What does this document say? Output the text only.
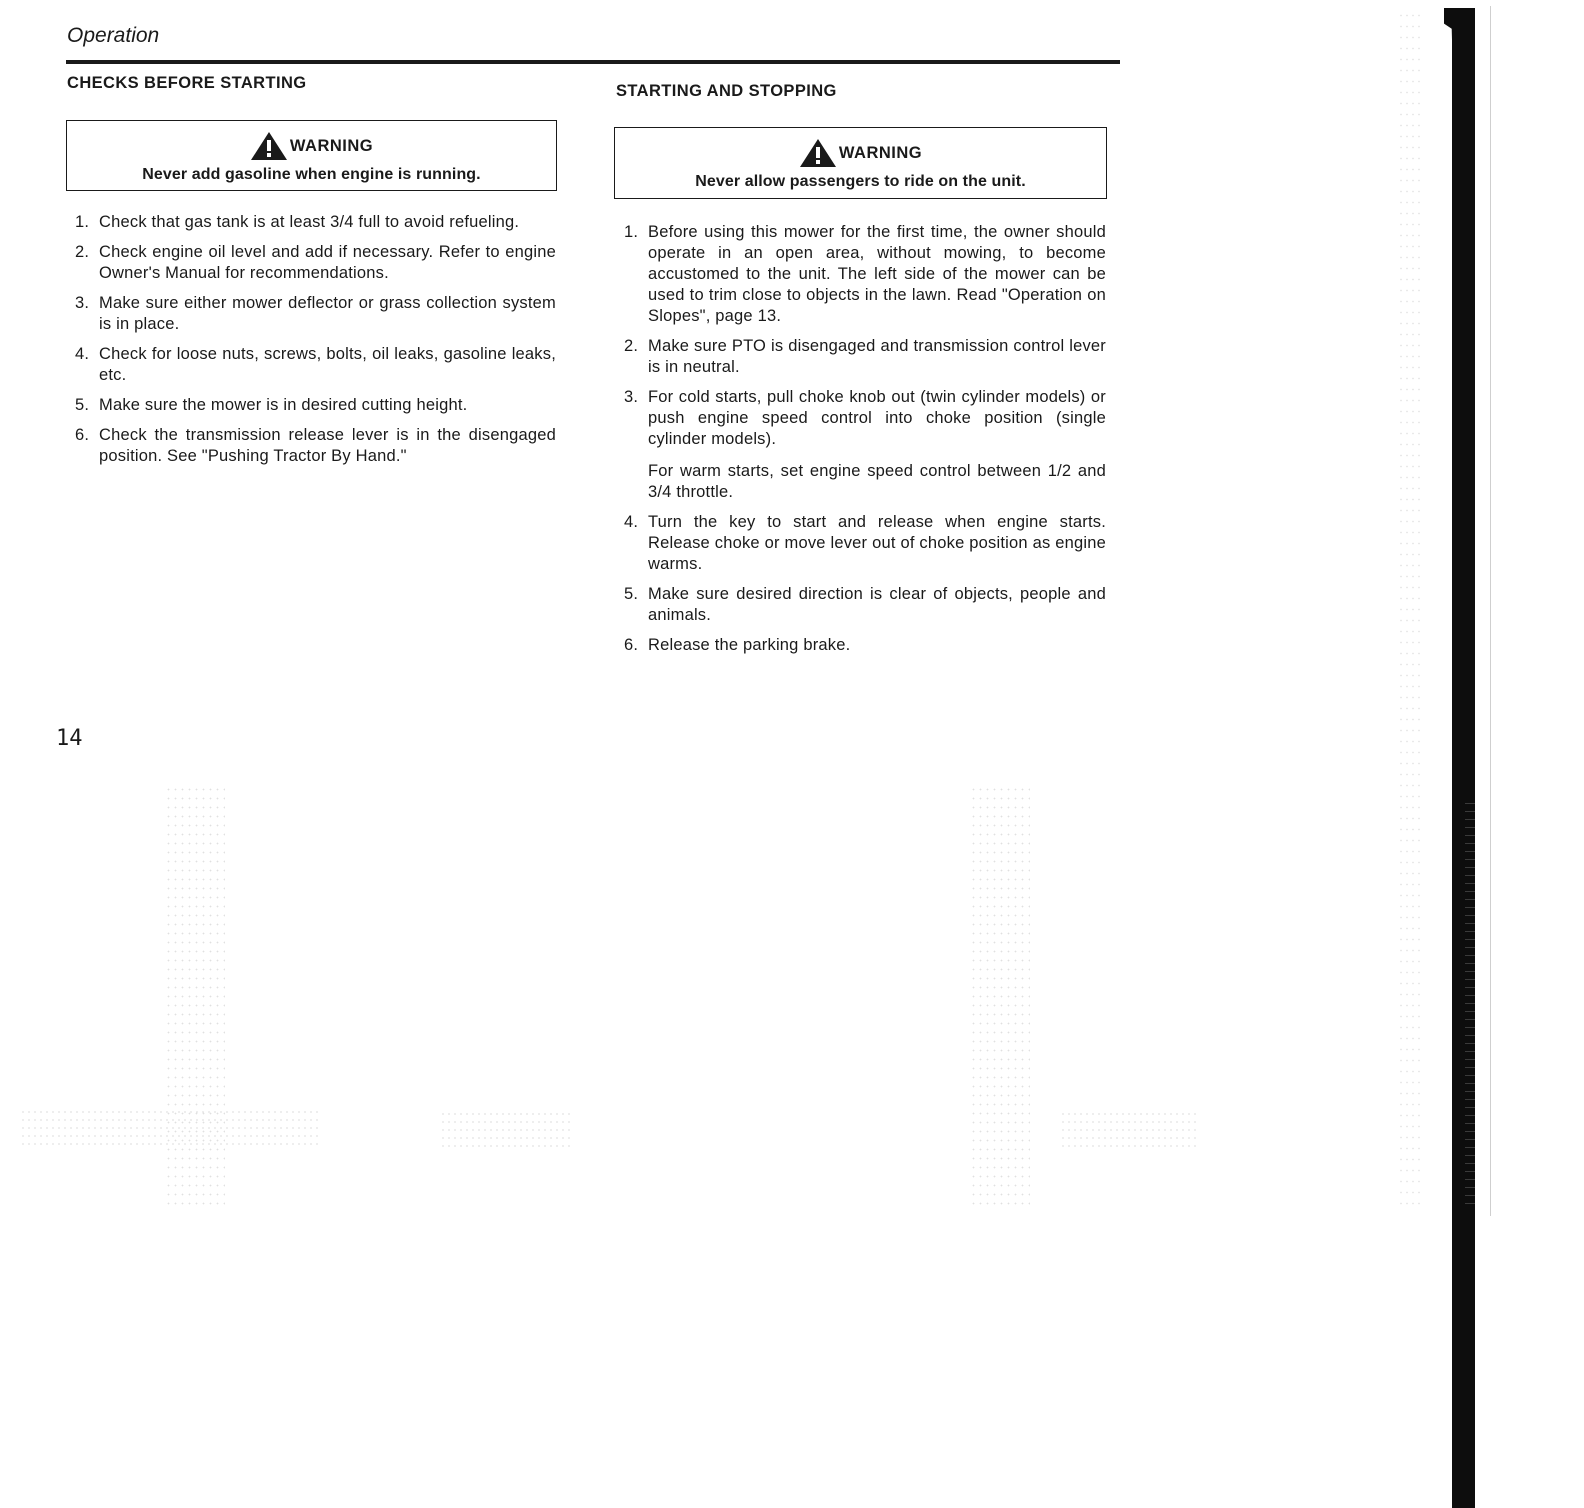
Operation
CHECKS BEFORE STARTING
WARNING
Never add gasoline when engine is running.
1. Check that gas tank is at least 3/4 full to avoid refueling.
2. Check engine oil level and add if necessary. Refer to engine Owner's Manual for recommendations.
3. Make sure either mower deflector or grass collection system is in place.
4. Check for loose nuts, screws, bolts, oil leaks, gasoline leaks, etc.
5. Make sure the mower is in desired cutting height.
6. Check the transmission release lever is in the disengaged position. See "Pushing Tractor By Hand."
STARTING AND STOPPING
WARNING
Never allow passengers to ride on the unit.
1. Before using this mower for the first time, the owner should operate in an open area, without mowing, to become accustomed to the unit. The left side of the mower can be used to trim close to objects in the lawn. Read "Operation on Slopes", page 13.
2. Make sure PTO is disengaged and transmission control lever is in neutral.
3. For cold starts, pull choke knob out (twin cylinder models) or push engine speed control into choke position (single cylinder models).
For warm starts, set engine speed control between 1/2 and 3/4 throttle.
4. Turn the key to start and release when engine starts. Release choke or move lever out of choke position as engine warms.
5. Make sure desired direction is clear of objects, people and animals.
6. Release the parking brake.
14
